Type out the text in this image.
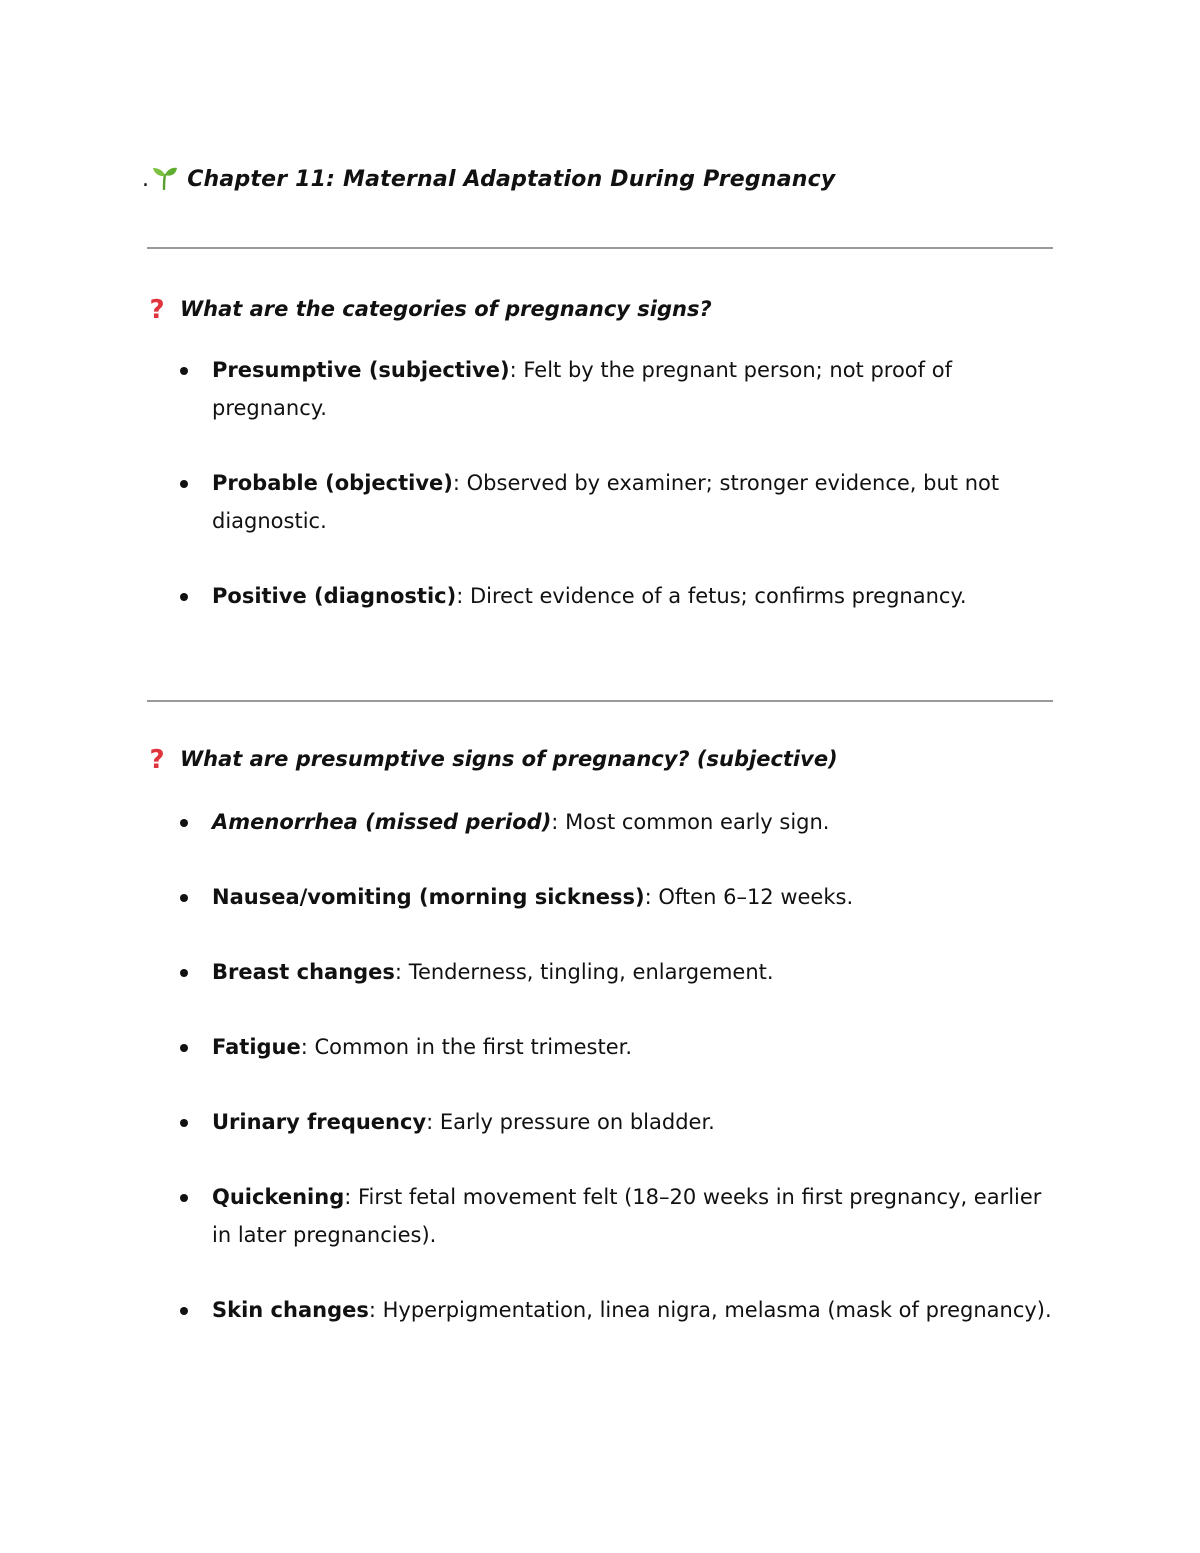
. Chapter 11: Maternal Adaptation During Pregnancy
? What are the categories of pregnancy signs?
Presumptive (subjective): Felt by the pregnant person; not proof of pregnancy.
Probable (objective): Observed by examiner; stronger evidence, but not diagnostic.
Positive (diagnostic): Direct evidence of a fetus; confirms pregnancy.
? What are presumptive signs of pregnancy? (subjective)
Amenorrhea (missed period): Most common early sign.
Nausea/vomiting (morning sickness): Often 6–12 weeks.
Breast changes: Tenderness, tingling, enlargement.
Fatigue: Common in the first trimester.
Urinary frequency: Early pressure on bladder.
Quickening: First fetal movement felt (18–20 weeks in first pregnancy, earlier in later pregnancies).
Skin changes: Hyperpigmentation, linea nigra, melasma (mask of pregnancy).
